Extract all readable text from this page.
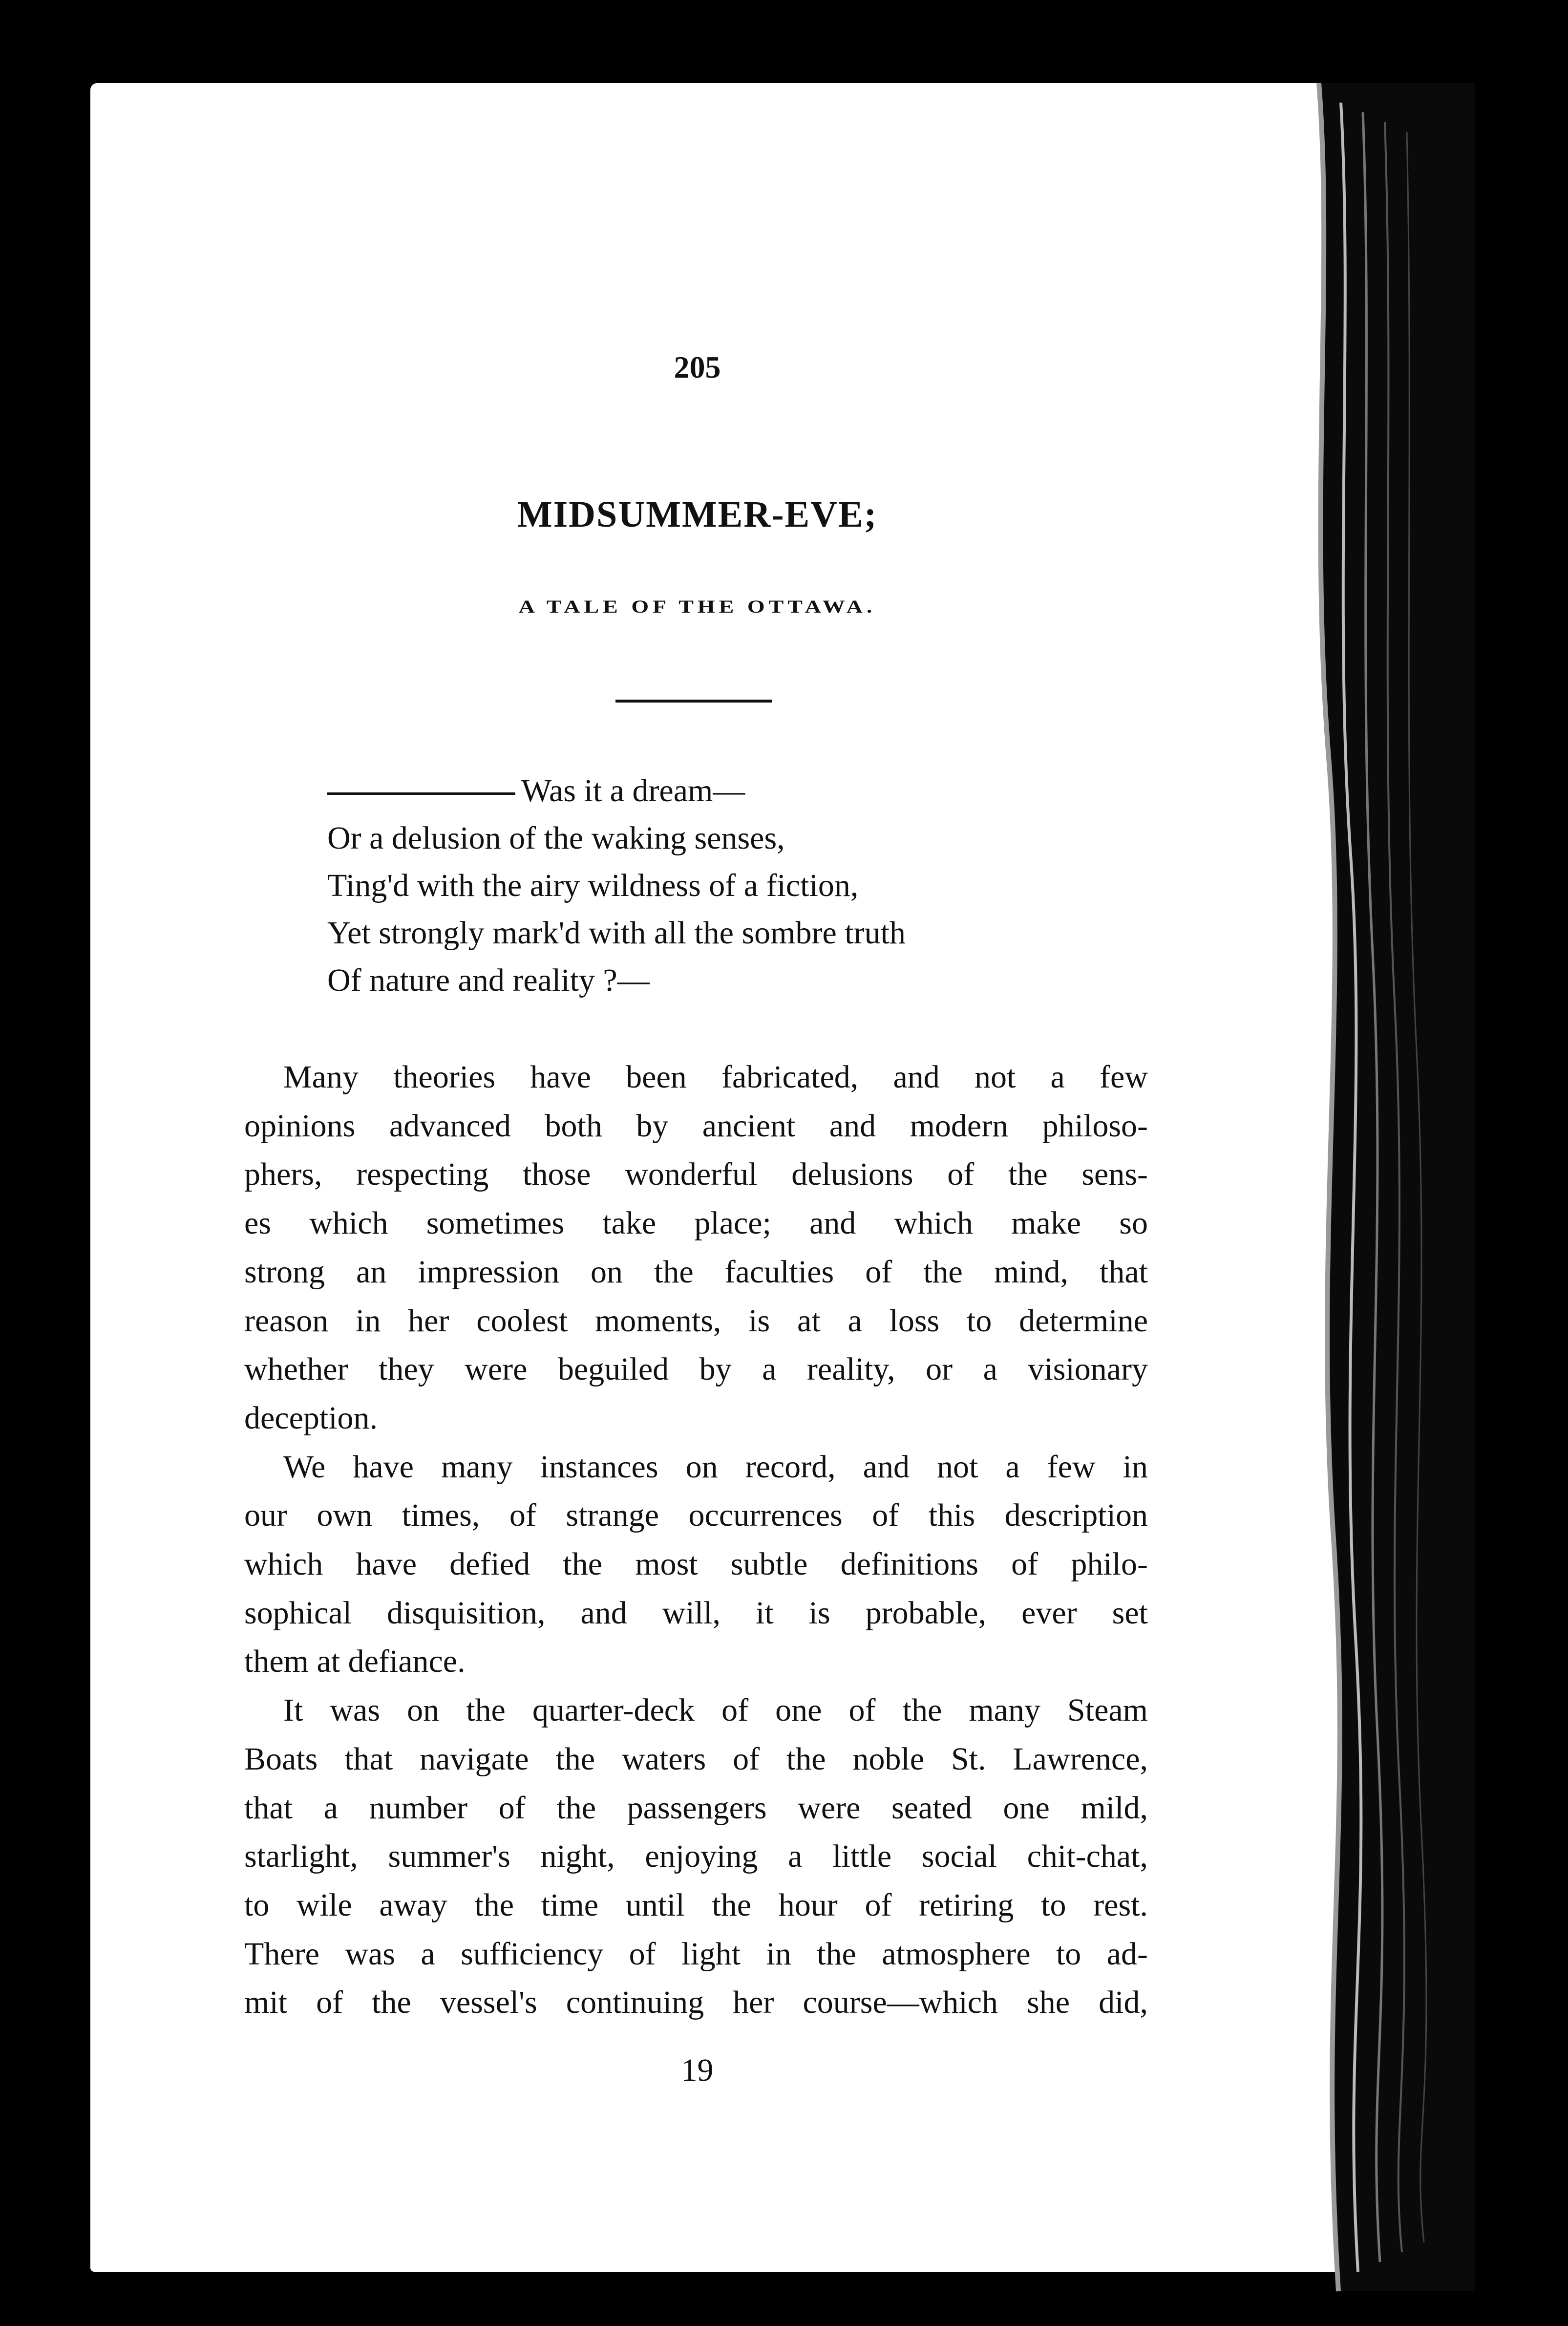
205
MIDSUMMER-EVE;
A TALE OF THE OTTAWA.
Was it a dream—
Or a delusion of the waking senses,
Ting'd with the airy wildness of a fiction,
Yet strongly mark'd with all the sombre truth
Of nature and reality ?—
Many theories have been fabricated, and not a few
opinions advanced both by ancient and modern philoso-
phers, respecting those wonderful delusions of the sens-
es which sometimes take place; and which make so
strong an impression on the faculties of the mind, that
reason in her coolest moments, is at a loss to determine
whether they were beguiled by a reality, or a visionary
deception.
We have many instances on record, and not a few in
our own times, of strange occurrences of this description
which have defied the most subtle definitions of philo-
sophical disquisition, and will, it is probable, ever set
them at defiance.
It was on the quarter-deck of one of the many Steam
Boats that navigate the waters of the noble St. Lawrence,
that a number of the passengers were seated one mild,
starlight, summer's night, enjoying a little social chit-chat,
to wile away the time until the hour of retiring to rest.
There was a sufficiency of light in the atmosphere to ad-
mit of the vessel's continuing her course—which she did,
19
